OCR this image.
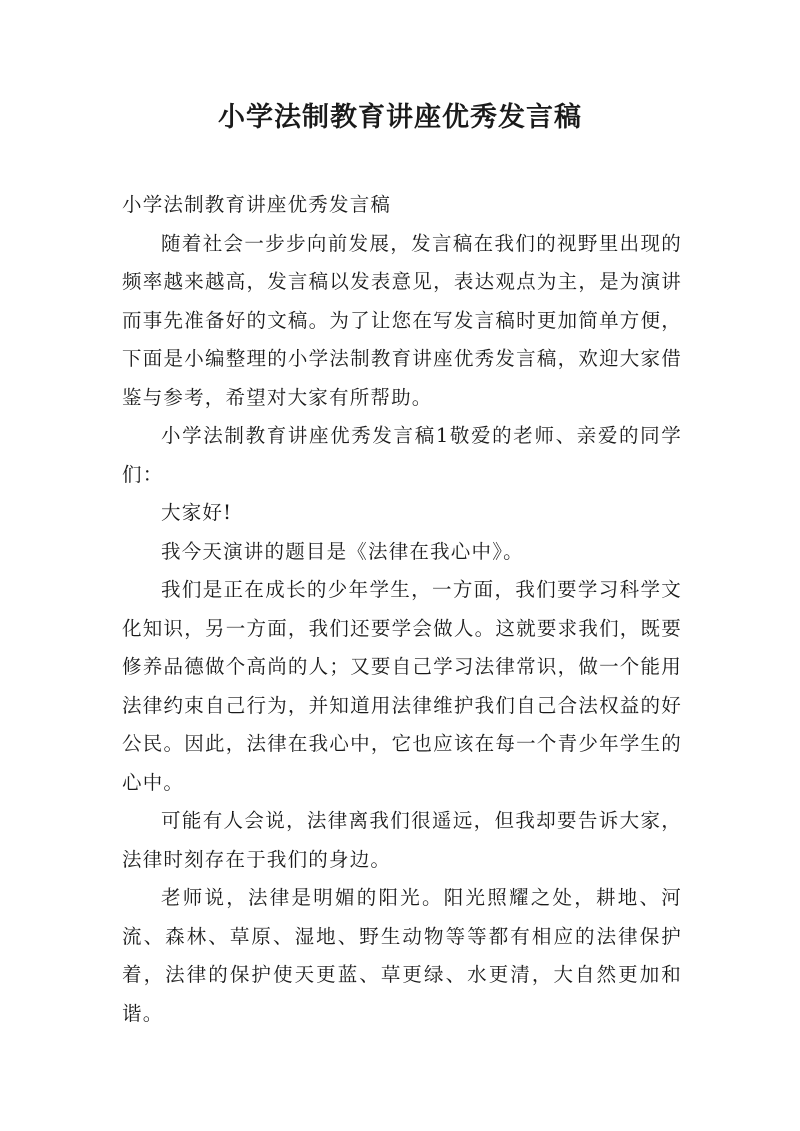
小学法制教育讲座优秀发言稿

小学法制教育讲座优秀发言稿

随着社会一步步向前发展，发言稿在我们的视野里出现的频率越来越高，发言稿以发表意见，表达观点为主，是为演讲而事先准备好的文稿。为了让您在写发言稿时更加简单方便，下面是小编整理的小学法制教育讲座优秀发言稿，欢迎大家借鉴与参考，希望对大家有所帮助。

小学法制教育讲座优秀发言稿1敬爱的老师、亲爱的同学们：

大家好!

我今天演讲的题目是《法律在我心中》。

我们是正在成长的少年学生，一方面，我们要学习科学文化知识，另一方面，我们还要学会做人。这就要求我们，既要修养品德做个高尚的人；又要自己学习法律常识，做一个能用法律约束自己行为，并知道用法律维护我们自己合法权益的好公民。因此，法律在我心中，它也应该在每一个青少年学生的心中。

可能有人会说，法律离我们很遥远，但我却要告诉大家，法律时刻存在于我们的身边。

老师说，法律是明媚的阳光。阳光照耀之处，耕地、河流、森林、草原、湿地、野生动物等等都有相应的法律保护着，法律的保护使天更蓝、草更绿、水更清，大自然更加和谐。
